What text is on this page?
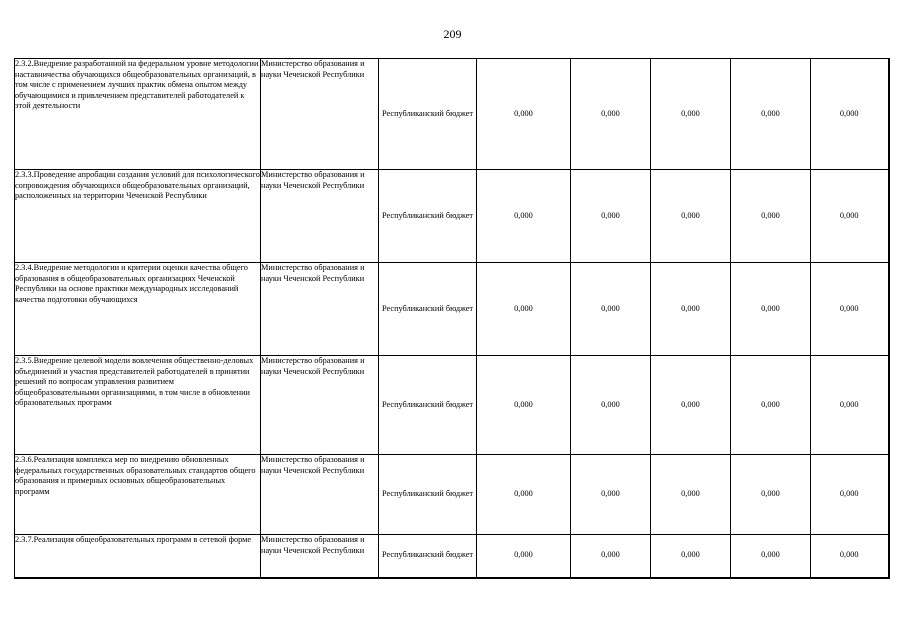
209
2.3.2.Внедрение разработанной на федеральном уровне методологии наставничества обучающихся общеобразовательных организаций, в том числе с применением лучших практик обмена опытом между обучающимися и привлечением представителей работодателей к этой деятельности	Министерство образования и науки Чеченской Республики	Республиканский бюджет	0,000	0,000	0,000	0,000	0,000
2.3.3.Проведение апробации создания условий для психологического сопровождения обучающихся общеобразовательных организаций, расположенных на территории Чеченской Республики	Министерство образования и науки Чеченской Республики	Республиканский бюджет	0,000	0,000	0,000	0,000	0,000
2.3.4.Внедрение методологии и критерии оценки качества общего образования в общеобразовательных организациях Чеченской Республики на основе практики международных исследований качества подготовки обучающихся	Министерство образования и науки Чеченской Республики	Республиканский бюджет	0,000	0,000	0,000	0,000	0,000
2.3.5.Внедрение целевой модели вовлечения общественно-деловых объединений и участия представителей работодателей в принятии решений по вопросам управления развитием общеобразовательными организациями, в том числе в обновлении образовательных программ	Министерство образования и науки Чеченской Республики	Республиканский бюджет	0,000	0,000	0,000	0,000	0,000
2.3.6.Реализация комплекса мер по внедрению обновленных федеральных государственных образовательных стандартов общего образования и примерных основных общеобразовательных программ	Министерство образования и науки Чеченской Республики	Республиканский бюджет	0,000	0,000	0,000	0,000	0,000
2.3.7.Реализация общеобразовательных программ в сетевой форме	Министерство образования и науки Чеченской Республики	Республиканский бюджет	0,000	0,000	0,000	0,000	0,000
